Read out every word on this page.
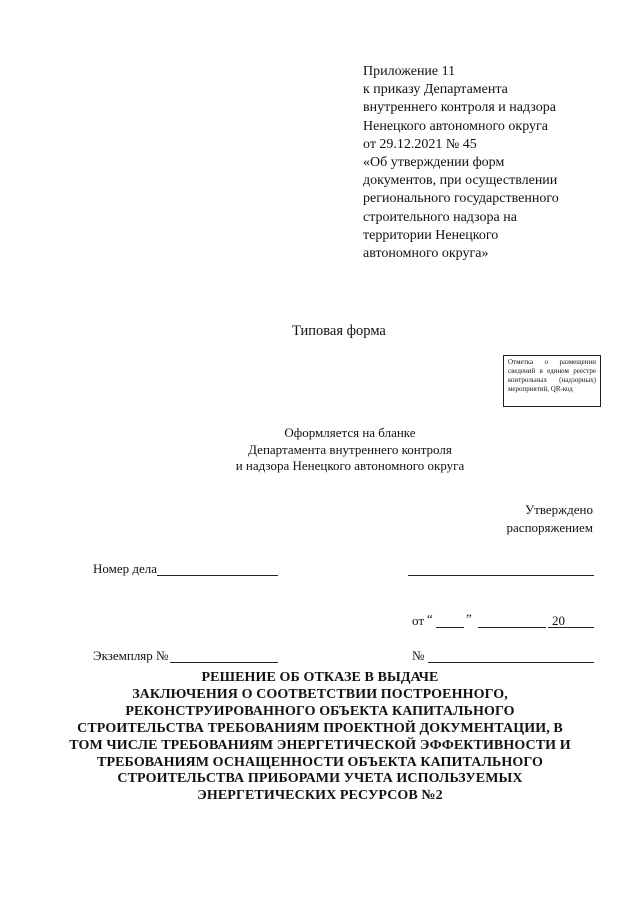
Приложение 11
к приказу Департамента
внутреннего контроля и надзора
Ненецкого автономного округа
от 29.12.2021 № 45
«Об утверждении форм
документов, при осуществлении
регионального государственного
строительного надзора на
территории Ненецкого
автономного округа»
Типовая форма
Отметка о размещении сведений в едином реестре контрольных (надзорных) мероприятий, QR-код
Оформляется на бланке
Департамента внутреннего контроля
и надзора Ненецкого автономного округа
Утверждено
распоряжением
Номер дела
от “	”	20
Экземпляр №	№
РЕШЕНИЕ ОБ ОТКАЗЕ В ВЫДАЧЕ
ЗАКЛЮЧЕНИЯ О СООТВЕТСТВИИ ПОСТРОЕННОГО,
РЕКОНСТРУИРОВАННОГО ОБЪЕКТА КАПИТАЛЬНОГО
СТРОИТЕЛЬСТВА ТРЕБОВАНИЯМ ПРОЕКТНОЙ ДОКУМЕНТАЦИИ, В
ТОМ ЧИСЛЕ ТРЕБОВАНИЯМ ЭНЕРГЕТИЧЕСКОЙ ЭФФЕКТИВНОСТИ И
ТРЕБОВАНИЯМ ОСНАЩЕННОСТИ ОБЪЕКТА КАПИТАЛЬНОГО
СТРОИТЕЛЬСТВА ПРИБОРАМИ УЧЕТА ИСПОЛЬЗУЕМЫХ
ЭНЕРГЕТИЧЕСКИХ РЕСУРСОВ №2
